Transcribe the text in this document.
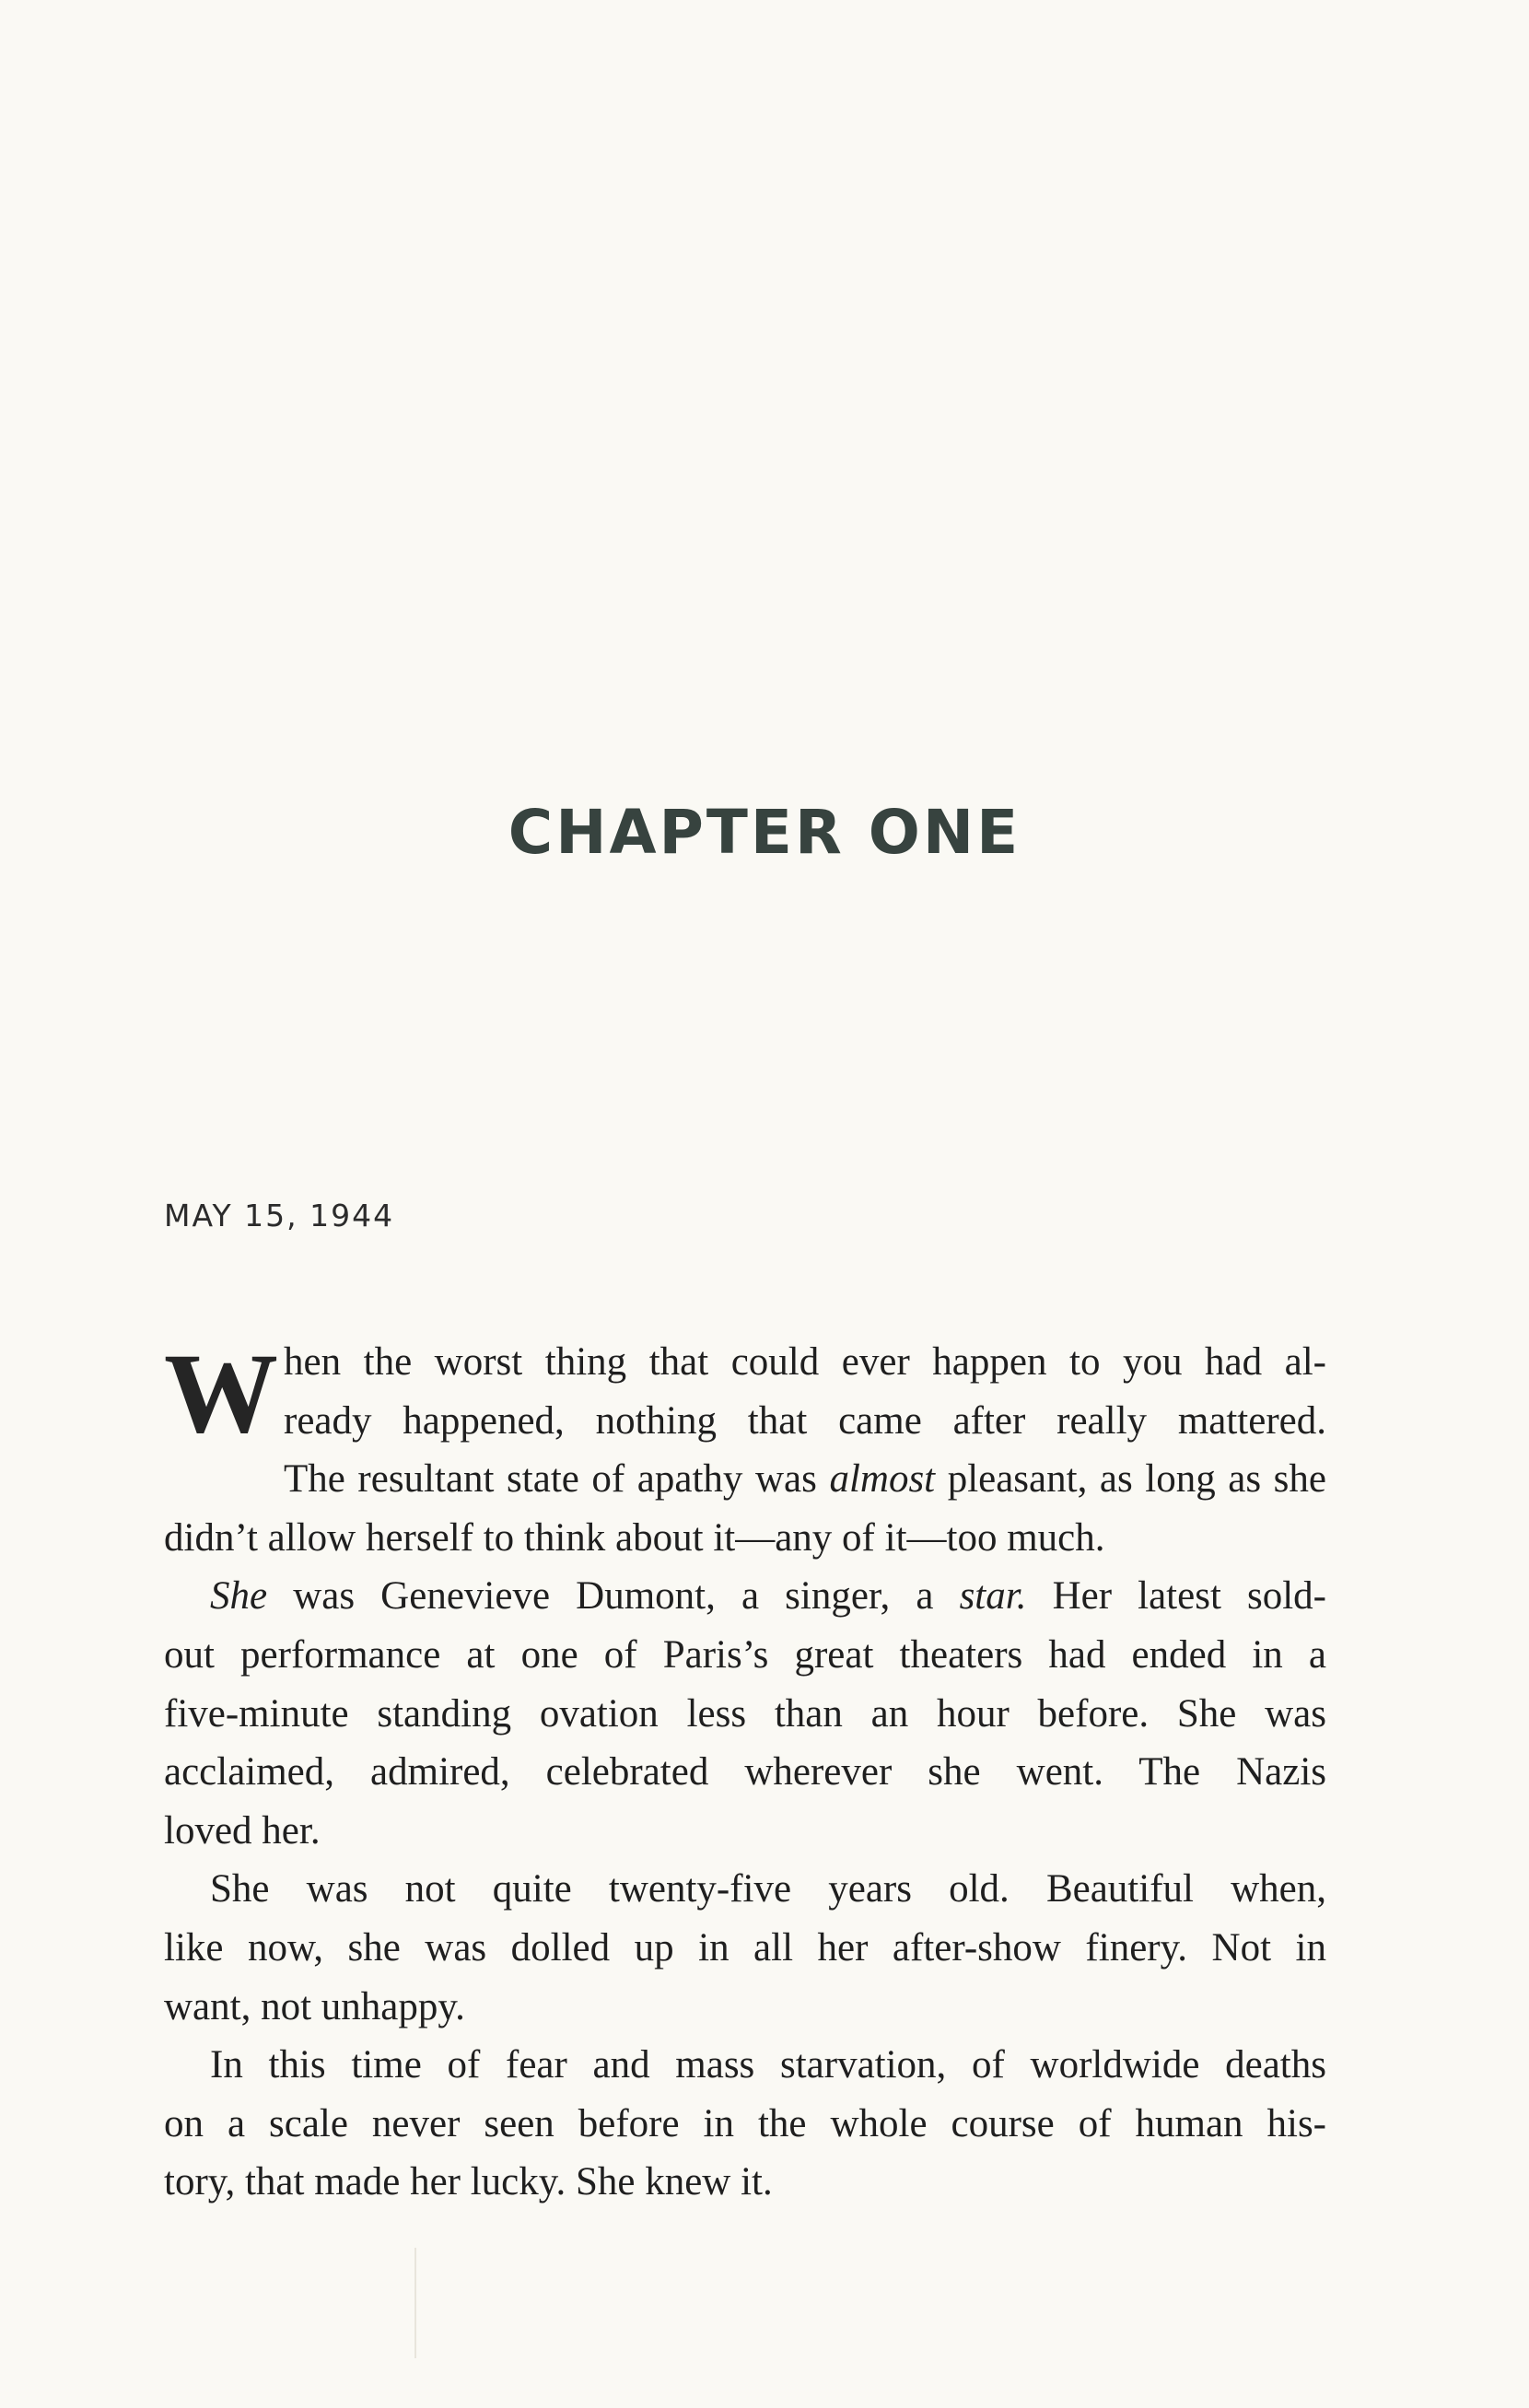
CHAPTER ONE

MAY 15, 1944

W hen the worst thing that could ever happen to you had al-
ready happened, nothing that came after really mattered.
The resultant state of apathy was almost pleasant, as long as she
didn’t allow herself to think about it—any of it—too much.
She was Genevieve Dumont, a singer, a star. Her latest sold-
out performance at one of Paris’s great theaters had ended in a
five-minute standing ovation less than an hour before. She was
acclaimed, admired, celebrated wherever she went. The Nazis
loved her.
She was not quite twenty-five years old. Beautiful when,
like now, she was dolled up in all her after-show finery. Not in
want, not unhappy.
In this time of fear and mass starvation, of worldwide deaths
on a scale never seen before in the whole course of human his-
tory, that made her lucky. She knew it.
